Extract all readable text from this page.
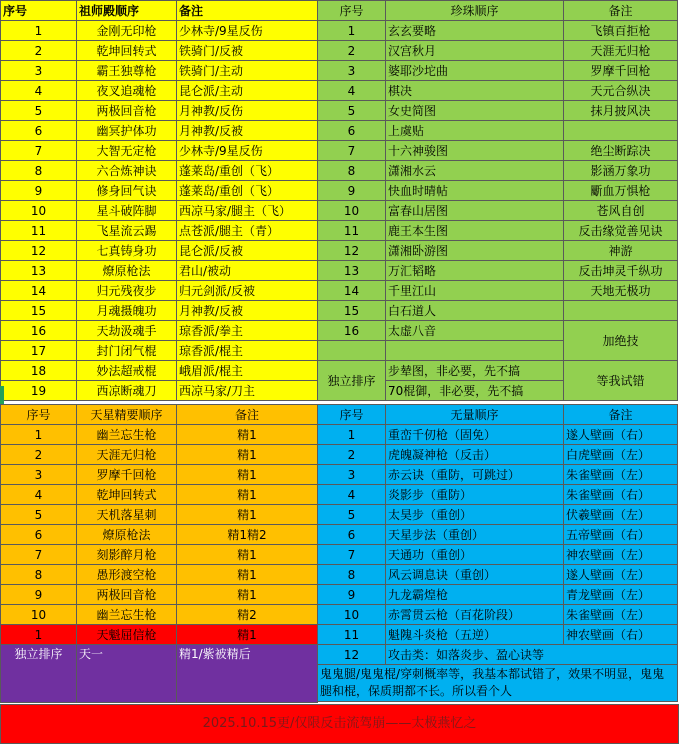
序号	祖师殿顺序	备注
1	金刚无印枪	少林寺/9星反伤
2	乾坤回转式	铁骑门/反被
3	霸王独尊枪	铁骑门/主动
4	夜叉追魂枪	昆仑派/主动
5	两极回音枪	月神教/反伤
6	幽冥护体功	月神教/反被
7	大智无定枪	少林寺/9星反伤
8	六合炼神诀	蓬莱岛/重创（飞）
9	修身回气诀	蓬莱岛/重创（飞）
10	星斗破阵脚	西凉马家/腿主（飞）
11	飞星流云踢	点苍派/腿主（青）
12	七真铸身功	昆仑派/反被
13	燎原枪法	君山/被动
14	归元残夜步	归元剑派/反被
15	月魂摄魄功	月神教/反被
16	天劫汲魂手	琼香派/拳主
17	封门闭气棍	琼香派/棍主
18	妙法超戒棍	峨眉派/棍主
19	西凉断魂刀	西凉马家/刀主
序号	珍珠顺序	备注
1	玄玄要略	飞镇百拒枪
2	汉宫秋月	天涯无归枪
3	婆耶沙坨曲	罗摩千回枪
4	棋决	天元合纵决
5	女史简图	抹月披风决
6	上虞贴	
7	十六神骏图	绝尘断踪决
8	潇湘水云	影涵万象功
9	快血时晴帖	斸血万惧枪
10	富春山居图	苍风自创
11	鹿王本生图	反击缘觉善见诀
12	潇湘卧游图	神游
13	万汇韬略	反击坤灵千纵功
14	千里江山	天地无极功
15	白石道人	
16	太虚八音	加绝技

独立排序	步辇图，非必要，先不搞	等我试错
	70棍御，非必要，先不搞	
序号	天星精要顺序	备注
1	幽兰忘生枪	精1
2	天涯无归枪	精1
3	罗摩千回枪	精1
4	乾坤回转式	精1
5	天机落星刺	精1
6	燎原枪法	精1精2
7	刻影醉月枪	精1
8	愚形渡空枪	精1
9	两极回音枪	精1
10	幽兰忘生枪	精2
1	天魁屈信枪	精1
独立排序	天一	精1/紫被精后
序号	无量顺序	备注
1	重峦千仞枪（固免）	遂人壁画（右）
2	虎魄凝神枪（反击）	白虎壁画（左）
3	赤云诀（重防，可跳过）	朱雀壁画（左）
4	炎影步（重防）	朱雀壁画（右）
5	太昊步（重创）	伏羲壁画（左）
6	天星步法（重创）	五帝壁画（右）
7	天通功（重创）	神农壁画（左）
8	风云调息诀（重创）	遂人壁画（左）
9	九龙霸煌枪	青龙壁画（左）
10	赤霄贯云枪（百花阶段）	朱雀壁画（左）
11	魁隗斗炎枪（五逆）	神农壁画（右）
12	攻击类：如落炎步、盈心诀等	
鬼鬼腿/鬼鬼棍/穿刺概率等，我基本都试错了，效果不明显，鬼鬼腿和棍，保质期都不长。所以看个人		
2025.10.15更/仅限反击流驾崩——太极燕忆之
